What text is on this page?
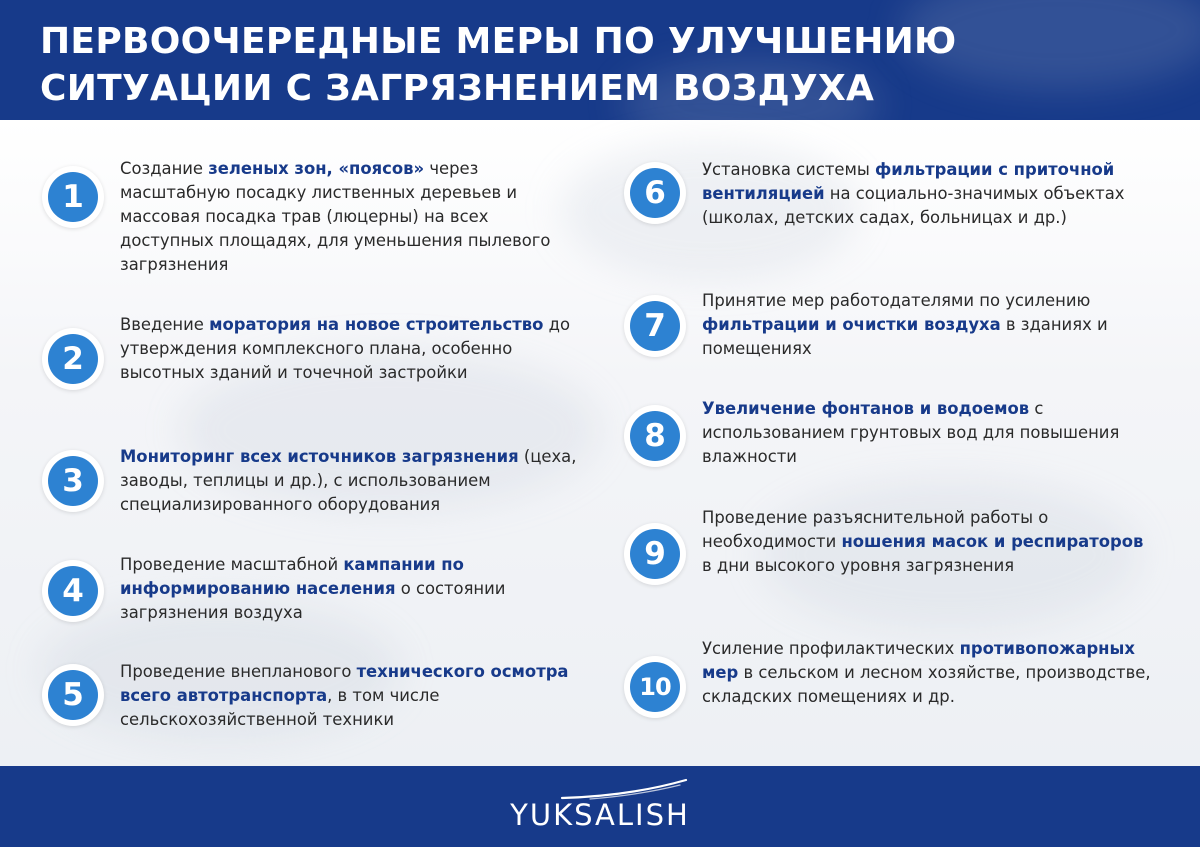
ПЕРВООЧЕРЕДНЫЕ МЕРЫ ПО УЛУЧШЕНИЮ
СИТУАЦИИ С ЗАГРЯЗНЕНИЕМ ВОЗДУХА
1
Создание зеленых зон, «поясов» через масштабную посадку лиственных деревьев и массовая посадка трав (люцерны) на всех доступных площадях, для уменьшения пылевого загрязнения
2
Введение моратория на новое строительство до утверждения комплексного плана, особенно высотных зданий и точечной застройки
3
Мониторинг всех источников загрязнения (цеха, заводы, теплицы и др.), с использованием специализированного оборудования
4
Проведение масштабной кампании по информированию населения о состоянии загрязнения воздуха
5
Проведение внепланового технического осмотра всего автотранспорта, в том числе сельскохозяйственной техники
6
Установка системы фильтрации с приточной вентиляцией на социально-значимых объектах (школах, детских садах, больницах и др.)
7
Принятие мер работодателями по усилению фильтрации и очистки воздуха в зданиях и помещениях
8
Увеличение фонтанов и водоемов с использованием грунтовых вод для повышения влажности
9
Проведение разъяснительной работы о необходимости ношения масок и респираторов в дни высокого уровня загрязнения
10
Усиление профилактических противопожарных мер в сельском и лесном хозяйстве, производстве, складских помещениях и др.
YUKSALISH
